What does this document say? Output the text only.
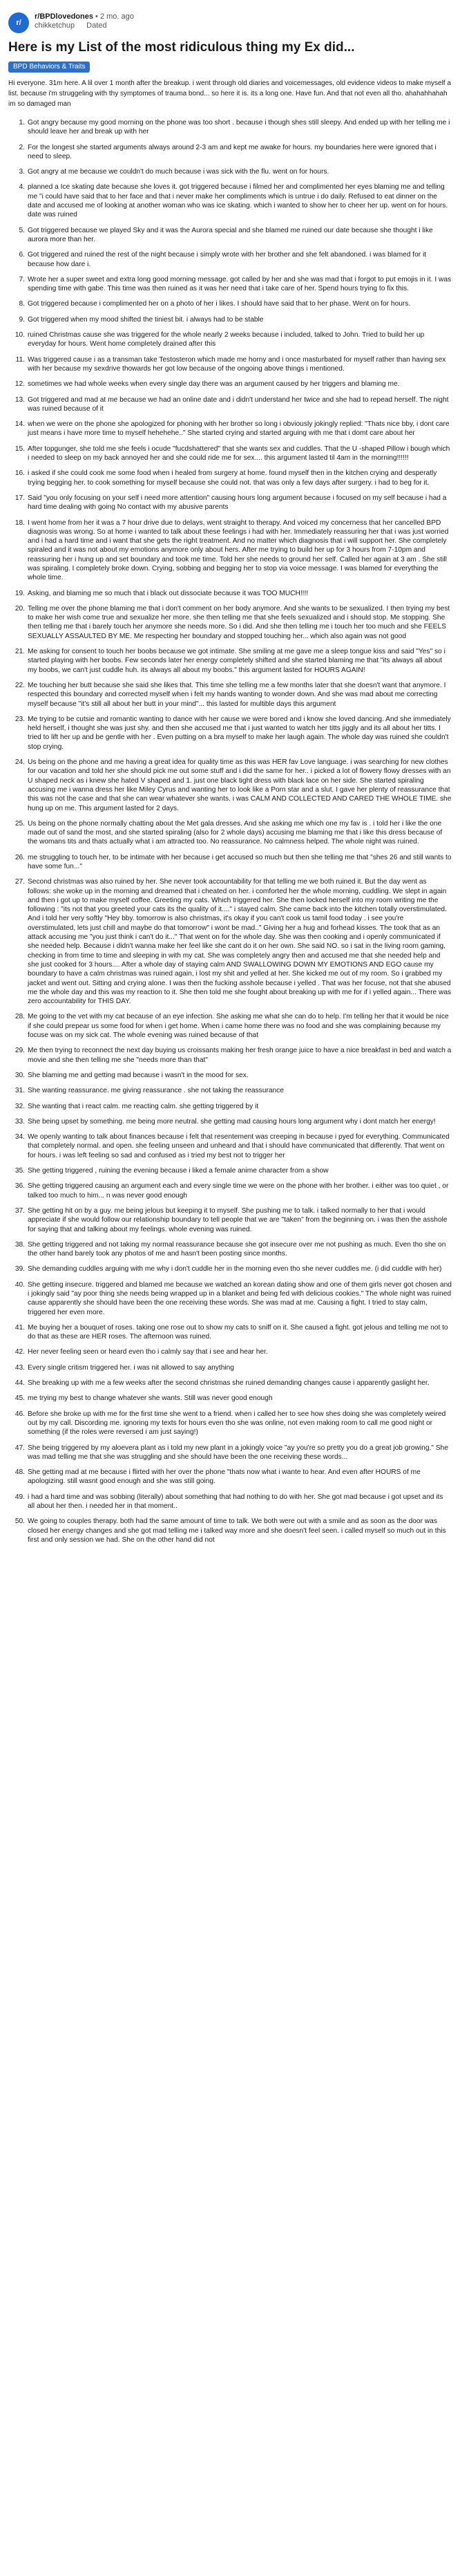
r/
r/BPDlovedones • 2 mo. ago
chikketchup Dated
Here is my List of the most ridiculous thing my Ex did...
BPD Behaviors & Traits
Hi everyone. 31m here. A lil over 1 month after the breakup. i went through old diaries and voicemessages, old evidence videos to make myself a list. because i'm struggeling with thy symptomes of trauma bond... so here it is. its a long one. Have fun. And that not even all tho. ahahahhahah im so damaged man
1. Got angry because my good morning on the phone was too short . because i though shes still sleepy. And ended up with her telling me i should leave her and break up with her
2. For the longest she started arguments always around 2-3 am and kept me awake for hours. my boundaries here were ignored that i need to sleep.
3. Got angry at me because we couldn't do much because i was sick with the flu. went on for hours.
4. planned a Ice skating date because she loves it. got triggered because i filmed her and complimented her eyes blaming me and telling me "i could have said that to her face and that i never make her compliments which is untrue i do daily. Refused to eat dinner on the date and accused me of looking at another woman who was ice skating. which i wanted to show her to cheer her up. went on for hours. date was ruined
5. Got triggered because we played Sky and it was the Aurora special and she blamed me ruined our date because she thought i like aurora more than her.
6. Got triggered and ruined the rest of the night because i simply wrote with her brother and she felt abandoned. i was blamed for it because how dare i.
7. Wrote her a super sweet and extra long good morning message. got called by her and she was mad that i forgot to put emojis in it. I was spending time with gabe. This time was then ruined as it was her need that i take care of her. Spend hours trying to fix this.
8. Got triggered because i complimented her on a photo of her i likes. I should have said that to her phase. Went on for hours.
9. Got triggered when my mood shifted the tiniest bit. i always had to be stable
10. ruined Christmas cause she was triggered for the whole nearly 2 weeks because i included, talked to John. Tried to build her up everyday for hours. Went home completely drained after this
11. Was triggered cause i as a transman take Testosteron which made me horny and i once masturbated for myself rather than having sex with her because my sexdrive thowards her got low because of the ongoing above things i mentioned.
12. sometimes we had whole weeks when every single day there was an argument caused by her triggers and blaming me.
13. Got triggered and mad at me because we had an online date and i didn't understand her twice and she had to repead herself. The night was ruined because of it
14. when we were on the phone she apologized for phoning with her brother so long i obviously jokingly replied: "Thats nice bby, i dont care just means i have more time to myself hehehehe.." She started crying and started arguing with me that i domt care about her
15. After topgunger, she told me she feels i ocude "fucdshattered" that she wants sex and cuddles. That the U -shaped Pillow i bough which i needed to sleep on my back annoyed her and she could ride me for sex.... this argument lasted til 4am in the morning!!!!!!
16. i asked if she could cook me some food when i healed from surgery at home. found myself then in the kitchen crying and desperatly trying begging her. to cook something for myself because she could not. that was only a few days after surgery. i had to beg for it.
17. Said "you only focusing on your self i need more attention" causing hours long argument because i focused on my self because i had a hard time dealing with going No contact with my abusive parents
18. I went home from her it was a 7 hour drive due to delays, went straight to therapy. And voiced my concerness that her cancelled BPD diagnosis was wrong. So at home i wanted to talk about these feelings i had with her. Immediately reassuring her that i was just worried and i had a hard time and i want that she gets the right treatment. And no matter which diagnosis that i will support her. She completely spiraled and it was not about my emotions anymore only about hers. After me trying to build her up for 3 hours from 7-10pm and reassuring her i hung up and set boundary and took me time. Told her she needs to ground her self. Called her again at 3 am . She still was spiraling. I completely broke down. Crying, sobbing and begging her to stop via voice message. I was blamed for everything the whole time.
19. Asking, and blaming me so much that i black out dissociate because it was TOO MUCH!!!!
20. Telling me over the phone blaming me that i don't comment on her body anymore. And she wants to be sexualized. I then trying my best to make her wish come true and sexualize her more. she then telling me that she feels sexualized and i should stop. Me stopping. She then telling me that i barely touch her anymore she needs more. So i did. And she then telling me i touch her too much and she FEELS SEXUALLY ASSAULTED BY ME. Me respecting her boundary and stopped touching her... which also again was not good
21. Me asking for consent to touch her boobs because we got intimate. She smiling at me gave me a sleep tongue kiss and said "Yes" so i started playing with her boobs. Few seconds later her energy completely shifted and she started blaming me that "its always all about my boobs, we can't just cuddle huh. its always all about my boobs." this argument lasted for HOURS AGAIN!
22. Me touching her butt because she said she likes that. This time she telling me a few months later that she doesn't want that anymore. I respected this boundary and corrected myself when i felt my hands wanting to wonder down. And she was mad about me correcting myself because "it's still all about her butt in your mind"... this lasted for multible days this argument
23. Me trying to be cutsie and romantic wanting to dance with her cause we were bored and i know she loved dancing. And she immediately held herself, i thought she was just shy. and then she accused me that i just wanted to watch her titts jiggly and its all about her titts. I tried to lift her up and be gentle with her . Even putting on a bra myself to make her laugh again. The whole day was ruined she couldn't stop crying.
24. Us being on the phone and me having a great idea for quality time as this was HER fav Love language. i was searching for new clothes for our vacation and told her she should pick me out some stuff and i did the same for her.. i picked a lot of flowery flowy dresses with an U shaped neck as i knew she hated V shaped and 1. just one black tight dress with black lace on her side. She started spiraling accusing me i wanna dress her like Miley Cyrus and wanting her to look like a Porn star and a slut. I gave her plenty of reassurance that this was not the case and that she can wear whatever she wants. i was CALM AND COLLECTED AND CARED THE WHOLE TIME. she hung up on me. This argument lasted for 2 days.
25. Us being on the phone normally chatting about the Met gala dresses. And she asking me which one my fav is . i told her i like the one made out of sand the most, and she started spiraling (also for 2 whole days) accusing me blaming me that i like this dress because of the womans tits and thats actually what i am attracted too. No reassurance. No calmness helped. The whole night was ruined.
26. me struggling to touch her, to be intimate with her because i get accused so much but then she telling me that "shes 26 and still wants to have some fun..."
27. Second christmas was also ruined by her. She never took accountability for that telling me we both ruined it. But the day went as follows: she woke up in the morning and dreamed that i cheated on her. i comforted her the whole morning, cuddling. We slept in again and then i got up to make myself coffee. Greeting my cats. Which triggered her. She then locked herself into my room writing me the following : "its not that you greeted your cats its the quality of it...." i stayed calm. She came back into the kitchen totally overstimulated. And i told her very softly "Hey bby. tomorrow is also christmas, it's okay if you can't cook us tamil food today . i see you're overstimulated, lets just chill and maybe do that tomorrow" i wont be mad.." Giving her a hug and forhead kisses. The took that as an attack accusing me "you just think i can't do it..." That went on for the whole day. She was then cooking and i openly communicated if she needed help. Because i didn't wanna make her feel like she cant do it on her own. She said NO. so i sat in the living room gaming, checking in from time to time and sleeping in with my cat. She was completely angry then and accused me that she needed help and she just cooked for 3 hours.... After a whole day of staying calm AND SWALLOWING DOWN MY EMOTIONS AND EGO cause my boundary to have a calm christmas was ruined again, i lost my shit and yelled at her. She kicked me out of my room. So i grabbed my jacket and went out. Sitting and crying alone. I was then the fucking asshole because i yelled . That was her focuse, not that she abused me the whole day and this was my reaction to it. She then told me she fought about breaking up with me for if i yelled again... There was zero accountability for THIS DAY.
28. Me going to the vet with my cat because of an eye infection. She asking me what she can do to help. I'm telling her that it would be nice if she could prepear us some food for when i get home. When i came home there was no food and she was complaining because my focuse was on my sick cat. The whole evening was ruined because of that
29. Me then trying to reconnect the next day buying us croissants making her fresh orange juice to have a nice breakfast in bed and watch a movie and she then telling me she "needs more than that"
30. She blaming me and getting mad because i wasn't in the mood for sex.
31. She wanting reassurance. me giving reassurance . she not taking the reassurance
32. She wanting that i react calm. me reacting calm. she getting triggered by it
33. She being upset by something. me being more neutral. she getting mad causing hours long argument why i dont match her energy!
34. We openly wanting to talk about finances because i felt that resentement was creeping in because i pyed for everything. Communicated that completely normal. and open. she feeling unseen and unheard and that i should have communicated that differently. That went on for hours. i was left feeling so sad and confused as i tried my best not to trigger her
35. She getting triggered , ruining the evening because i liked a female anime character from a show
36. She getting triggered causing an argument each and every single time we were on the phone with her brother. i either was too quiet , or talked too much to him... n was never good enough
37. She getting hit on by a guy. me being jelous but keeping it to myself. She pushing me to talk. i talked normally to her that i would appreciate if she would follow our relationship boundary to tell people that we are "taken" from the beginning on. i was then the asshole for saying that and talking about my feelings. whole evening was ruined.
38. She getting triggered and not taking my normal reassurance because she got insecure over me not pushing as much. Even tho she on the other hand barely took any photos of me and hasn't been posting since months.
39. She demanding cuddles arguing with me why i don't cuddle her in the morning even tho she never cuddles me. (i did cuddle with her)
40. She getting insecure. triggered and blamed me because we watched an korean dating show and one of them girls never got chosen and i jokingly said "ay poor thing she needs being wrapped up in a blanket and being fed with delicious cookies." The whole night was ruined cause apparently she should have been the one receiving these words. She was mad at me. Causing a fight. I tried to stay calm, triggered her even more.
41. Me buying her a bouquet of roses. taking one rose out to show my cats to sniff on it. She caused a fight. got jelous and telling me not to do that as these are HER roses. The afternoon was ruined.
42. Her never feeling seen or heard even tho i calmly say that i see and hear her.
43. Every single critism triggered her. i was nit allowed to say anything
44. She breaking up with me a few weeks after the second christmas she ruined demanding changes cause i apparently gaslight her.
45. me trying my best to change whatever she wants. Still was never good enough
46. Before she broke up with me for the first time she went to a friend. when i called her to see how shes doing she was completely weired out by my call. Discording me. ignoring my texts for hours even tho she was online, not even making room to call me good night or something (if the roles were reversed i am just saying!)
47. She being triggered by my aloevera plant as i told my new plant in a jokingly voice "ay you're so pretty you do a great job growing." She was mad telling me that she was struggling and she should have been the one receiving these words...
48. She getting mad at me because i flirted with her over the phone "thats now what i wante to hear. And even after HOURS of me apologizing. still wasnt good enough and she was still going.
49. i had a hard time and was sobbing (literally) about something that had nothing to do with her. She got mad because i got upset and its all about her then. i needed her in that moment..
50. We going to couples therapy. both had the same amount of time to talk. We both were out with a smile and as soon as the door was closed her energy changes and she got mad telling me i talked way more and she doesn't feel seen. i called myself so much out in this first and only session we had. She on the other hand did not
